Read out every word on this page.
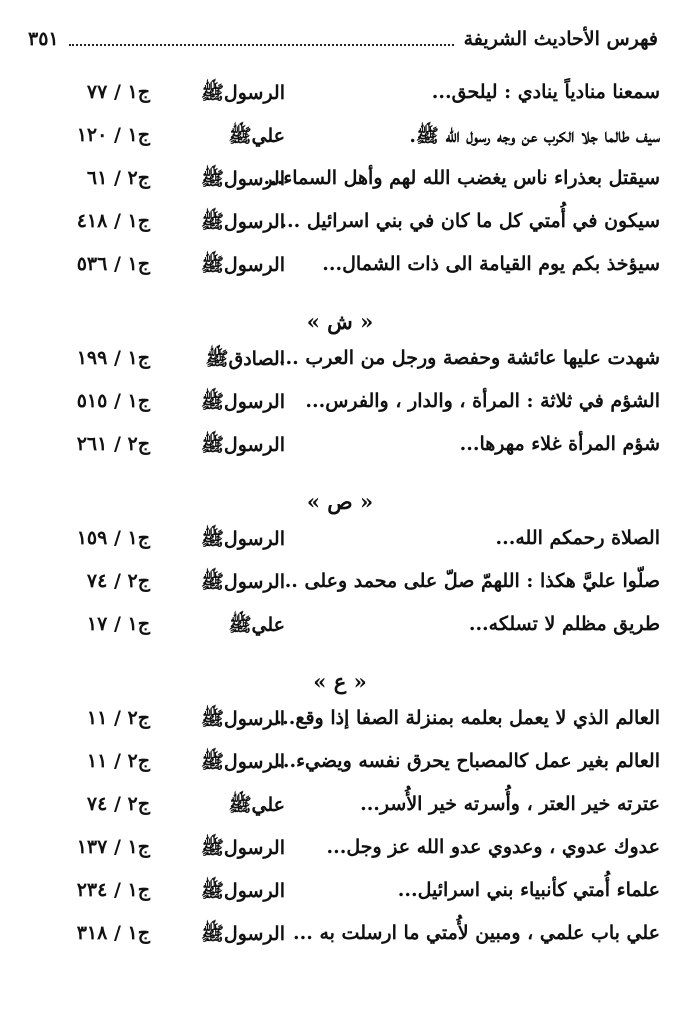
فهرس الأحاديث الشريفة
٣٥١
سمعنا منادياً ينادي : ليلحق...
الرسولﷺ
ج١ / ٧٧
سيف طالما جلا الكرب عن وجه رسول الله ﷺ.
عليﷺ
ج١ / ١٢٠
سيقتل بعذراء ناس يغضب الله لهم وأهل السماء...
الرسولﷺ
ج٢ / ٦١
سيكون في أُمتي كل ما كان في بني اسرائيل ...
الرسولﷺ
ج١ / ٤١٨
سيؤخذ بكم يوم القيامة الى ذات الشمال...
الرسولﷺ
ج١ / ٥٣٦
« ش »
شهدت عليها عائشة وحفصة ورجل من العرب ...
الصادقﷺ
ج١ / ١٩٩
الشؤم في ثلاثة : المرأة ، والدار ، والفرس...
الرسولﷺ
ج١ / ٥١٥
شؤم المرأة غلاء مهرها...
الرسولﷺ
ج٢ / ٢٦١
« ص »
الصلاة رحمكم الله...
الرسولﷺ
ج١ / ١٥٩
صلّوا عليَّ هكذا : اللهمّ صلّ على محمد وعلى ..
الرسولﷺ
ج٢ / ٧٤
طريق مظلم لا تسلكه...
عليﷺ
ج١ / ١٧
« ع »
العالم الذي لا يعمل بعلمه بمنزلة الصفا إذا وقع...
الرسولﷺ
ج٢ / ١١
العالم بغير عمل كالمصباح يحرق نفسه ويضيء...
الرسولﷺ
ج٢ / ١١
عترته خير العتر ، وأُسرته خير الأُسر...
عليﷺ
ج٢ / ٧٤
عدوك عدوي ، وعدوي عدو الله عز وجل...
الرسولﷺ
ج١ / ١٣٧
علماء أُمتي كأنبياء بني اسرائيل...
الرسولﷺ
ج١ / ٢٣٤
علي باب علمي ، ومبين لأُمتي ما ارسلت به ...
الرسولﷺ
ج١ / ٣١٨
